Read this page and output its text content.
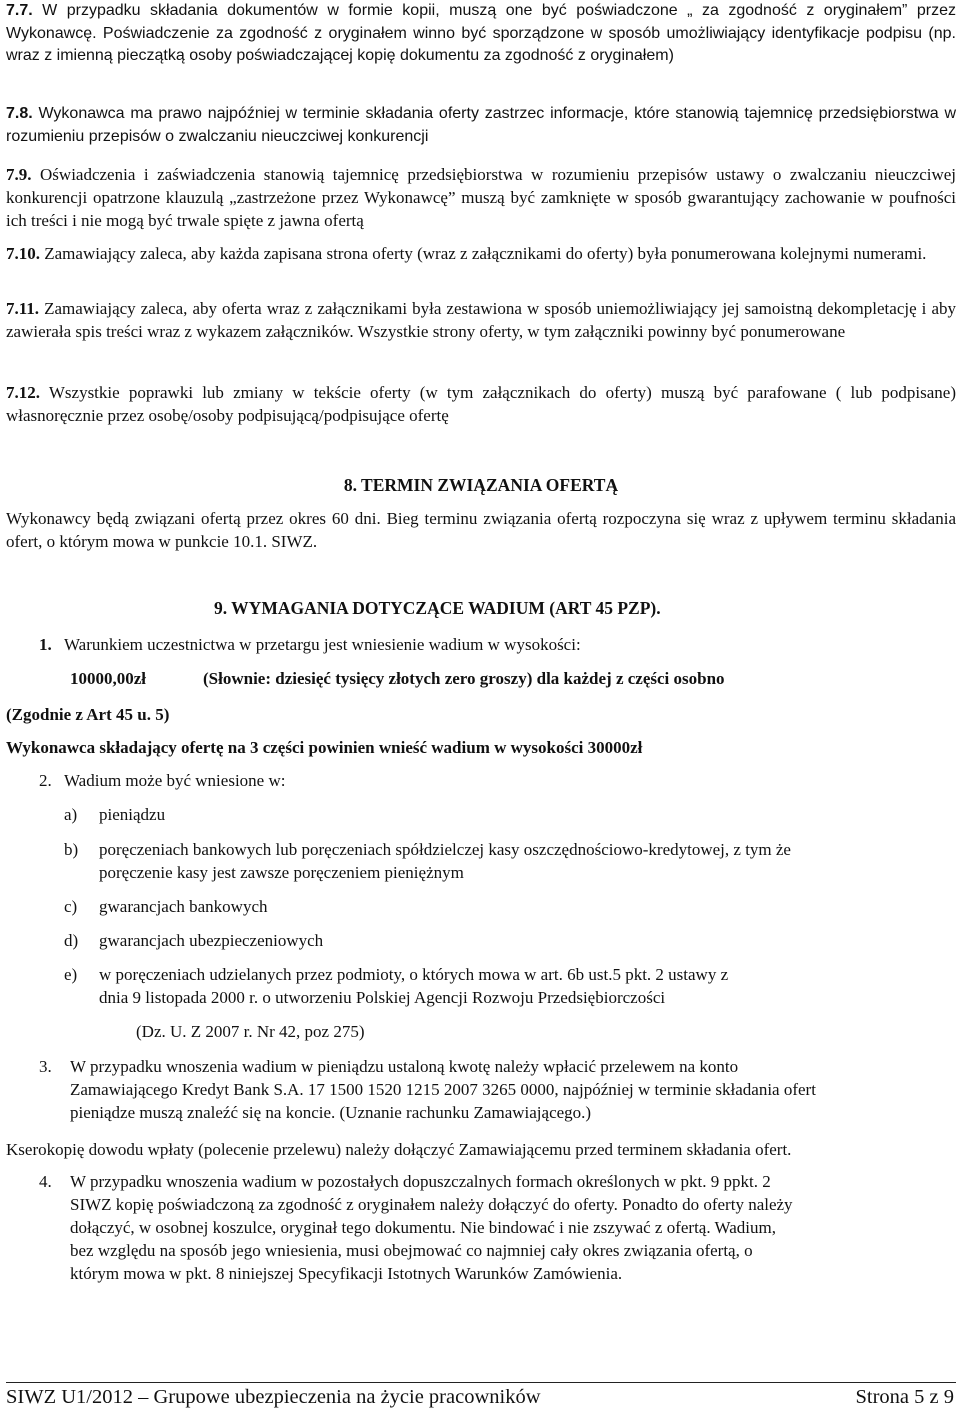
7.7. W przypadku składania dokumentów w formie kopii, muszą one być poświadczone „ za zgodność z oryginałem” przez Wykonawcę. Poświadczenie za zgodność z oryginałem winno być sporządzone w sposób umożliwiający identyfikacje podpisu (np. wraz z imienną pieczątką osoby poświadczającej kopię dokumentu za zgodność z oryginałem)

7.8. Wykonawca ma prawo najpóźniej w terminie składania oferty zastrzec informacje, które stanowią tajemnicę przedsiębiorstwa w rozumieniu przepisów o zwalczaniu nieuczciwej konkurencji

7.9. Oświadczenia i zaświadczenia stanowią tajemnicę przedsiębiorstwa w rozumieniu przepisów ustawy o zwalczaniu nieuczciwej konkurencji opatrzone klauzulą „zastrzeżone przez Wykonawcę” muszą być zamknięte w sposób gwarantujący zachowanie w poufności ich treści i nie mogą być trwale spięte z jawna ofertą

7.10. Zamawiający zaleca, aby każda zapisana strona oferty (wraz z załącznikami do oferty) była ponumerowana kolejnymi numerami.

7.11. Zamawiający zaleca, aby oferta wraz z załącznikami była zestawiona w sposób uniemożliwiający jej samoistną dekompletację i aby zawierała spis treści wraz z wykazem załączników. Wszystkie strony oferty, w tym załączniki powinny być ponumerowane

7.12. Wszystkie poprawki lub zmiany w tekście oferty (w tym załącznikach do oferty) muszą być parafowane ( lub podpisane) własnoręcznie przez osobę/osoby podpisującą/podpisujące ofertę

8. TERMIN ZWIĄZANIA OFERTĄ

Wykonawcy będą związani ofertą przez okres 60 dni. Bieg terminu związania ofertą rozpoczyna się wraz z upływem terminu składania ofert, o którym mowa w punkcie 10.1. SIWZ.

9. WYMAGANIA DOTYCZĄCE WADIUM (ART 45 PZP).
1. Warunkiem uczestnictwa w przetargu jest wniesienie wadium w wysokości:
10000,00zł	(Słownie: dziesięć tysięcy złotych zero groszy) dla każdej z części osobno
(Zgodnie z Art 45 u. 5)
Wykonawca składający ofertę na 3 części powinien wnieść wadium w wysokości 30000zł
2. Wadium może być wniesione w:
a) pieniądzu
b) poręczeniach bankowych lub poręczeniach spółdzielczej kasy oszczędnościowo-kredytowej, z tym że
poręczenie kasy jest zawsze poręczeniem pieniężnym
c) gwarancjach bankowych
d) gwarancjach ubezpieczeniowych
e) w poręczeniach udzielanych przez podmioty, o których mowa w art. 6b ust.5 pkt. 2 ustawy z
dnia 9 listopada 2000 r. o utworzeniu Polskiej Agencji Rozwoju Przedsiębiorczości
(Dz. U. Z 2007 r. Nr 42, poz 275)
3. W przypadku wnoszenia wadium w pieniądzu ustaloną kwotę należy wpłacić przelewem na konto
Zamawiającego Kredyt Bank S.A. 17 1500 1520 1215 2007 3265 0000, najpóźniej w terminie składania ofert
pieniądze muszą znaleźć się na koncie. (Uznanie rachunku Zamawiającego.)
Kserokopię dowodu wpłaty (polecenie przelewu) należy dołączyć Zamawiającemu przed terminem składania ofert.
4. W przypadku wnoszenia wadium w pozostałych dopuszczalnych formach określonych w pkt. 9 ppkt. 2
SIWZ kopię poświadczoną za zgodność z oryginałem należy dołączyć do oferty. Ponadto do oferty należy
dołączyć, w osobnej koszulce, oryginał tego dokumentu. Nie bindować i nie zszywać z ofertą. Wadium,
bez względu na sposób jego wniesienia, musi obejmować co najmniej cały okres związania ofertą, o
którym mowa w pkt. 8 niniejszej Specyfikacji Istotnych Warunków Zamówienia.
SIWZ U1/2012 – Grupowe ubezpieczenia na życie pracowników	Strona 5 z 9
